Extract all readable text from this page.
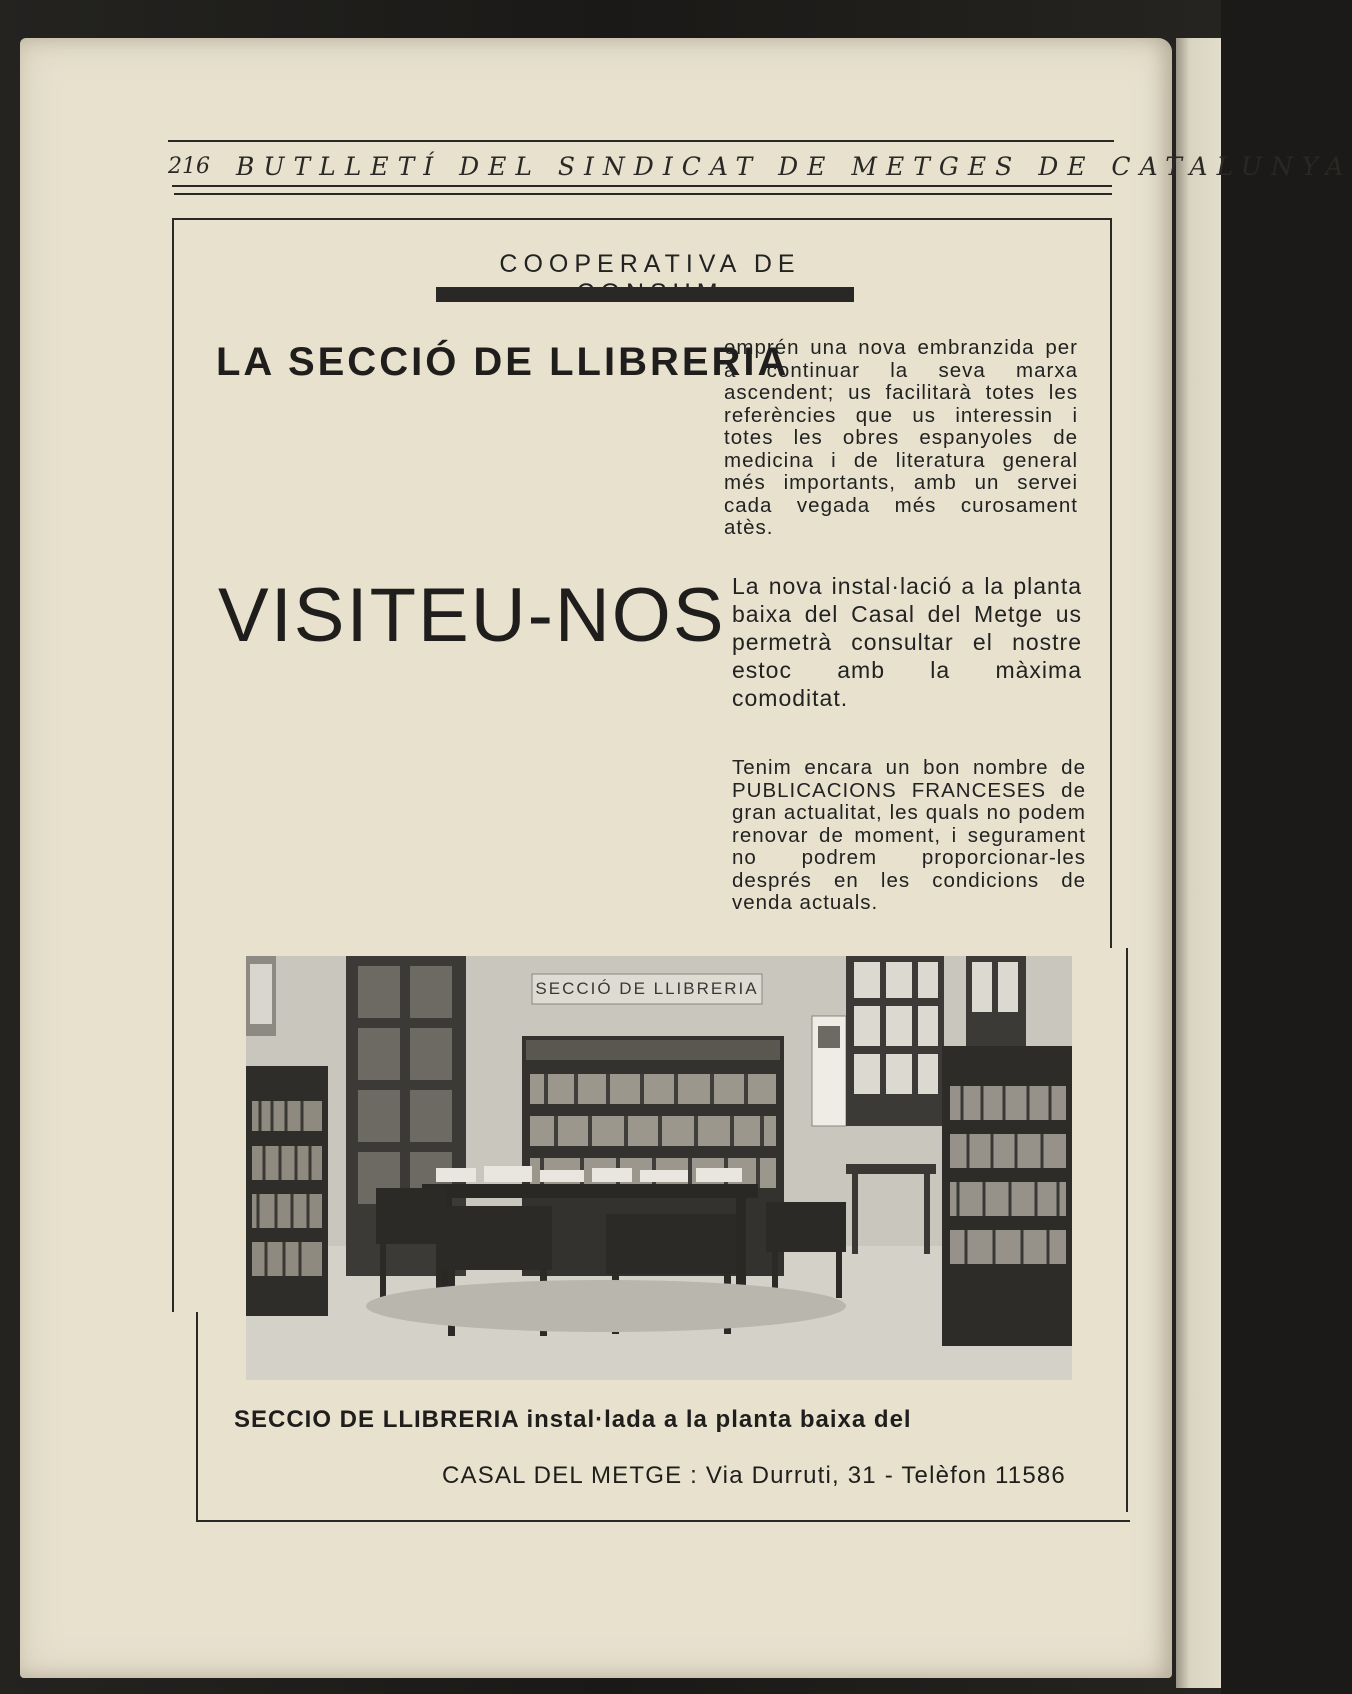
216 BUTLLETÍ DEL SINDICAT DE METGES DE CATALUNYA
COOPERATIVA DE
LA SECCIÓ DE LLIBRERIA
emprén una nova embranzida per a continuar la seva marxa ascendent; us facilitarà totes les referències que us interessin i totes les obres espanyoles de medicina i de literatura general més importants, amb un servei cada vegada més curosament atès.
VISITEU-NOS La nova instal·lació a la planta baixa del Casal del Metge us permetrà consultar el nostre estoc amb la màxima comoditat.
Tenim encara un bon nombre de PUBLICACIONS FRANCESES de gran actualitat, les quals no podem renovar de moment, i segurament no podrem proporcionar-les després en les condicions de venda actuals.
SECCIÓ DE LLIBRERIA
SECCIO DE LLIBRERIA instal·lada a la planta baixa del
CASAL DEL METGE : Via Durruti, 31 - Telèfon 11586
